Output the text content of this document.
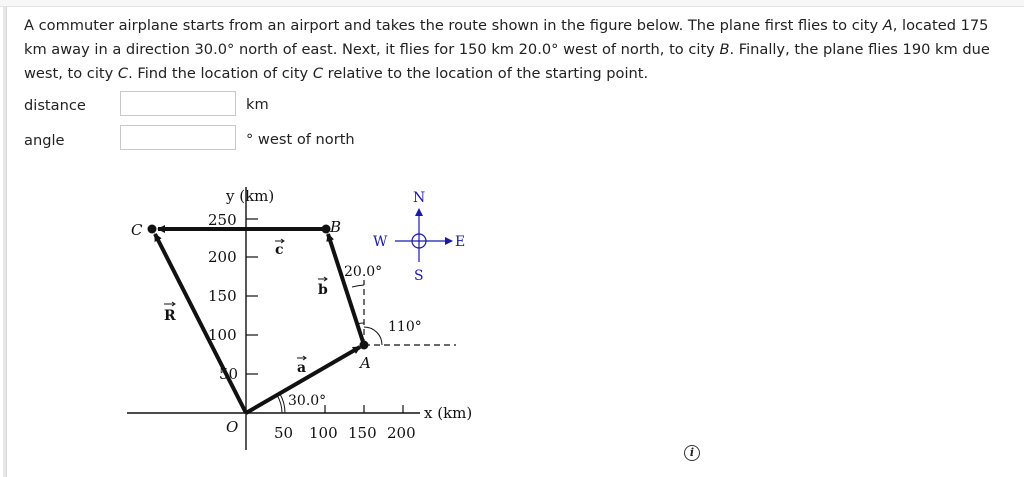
A commuter airplane starts from an airport and takes the route shown in the figure below. The plane first flies to city A, located 175 km away in a direction 30.0° north of east. Next, it flies for 150 km 20.0° west of north, to city B. Finally, the plane flies 190 km due west, to city C. Find the location of city C relative to the location of the starting point.
distance	km
angle	° west of north
y (km)
x (km)
O 50 100 150 200
50
100
150
200
250
A
B
C
a
b
c
R
30.0°
20.0°
110°
N
S
E
W
i
